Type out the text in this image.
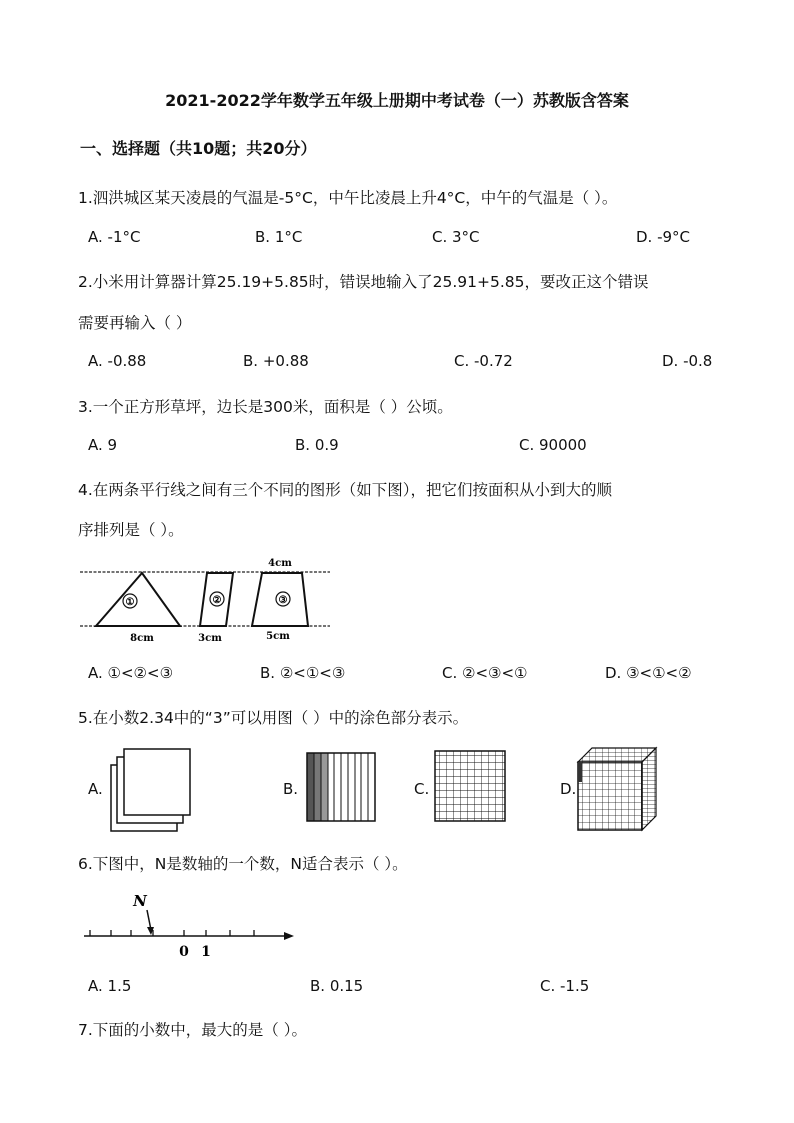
2021-2022学年数学五年级上册期中考试卷（一）苏教版含答案
一、选择题（共10题；共20分）
1.泗洪城区某天凌晨的气温是-5°C，中午比凌晨上升4°C，中午的气温是（ ）。
A. -1°C	B. 1°C	C. 3°C	D. -9°C
2.小米用计算器计算25.19+5.85时，错误地输入了25.91+5.85，要改正这个错误
需要再输入（ ）
A. -0.88	B. +0.88	C. -0.72	D. -0.8
3.一个正方形草坪，边长是300米，面积是（ ）公顷。
A. 9	B. 0.9	C. 90000
4.在两条平行线之间有三个不同的图形（如下图），把它们按面积从小到大的顺
序排列是（ ）。
①	②	③
4cm
8cm	3cm	5cm
A. ①<②<③	B. ②<①<③	C. ②<③<①	D. ③<①<②
5.在小数2.34中的“3”可以用图（ ）中的涂色部分表示。
A.	B.	C.	D.
6.下图中，N是数轴的一个数，N适合表示（ ）。
N
0 1
A. 1.5	B. 0.15	C. -1.5
7.下面的小数中，最大的是（ ）。
